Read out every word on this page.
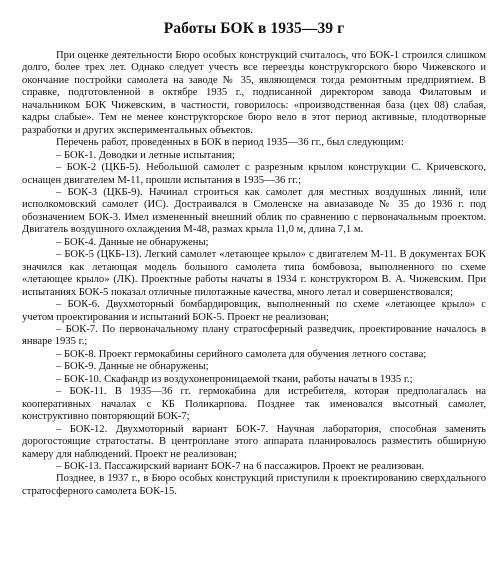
Работы БОК в 1935—39 г

При оценке деятельности Бюро особых конструкций считалось, что БОК-1 строился слишком долго, более трех лет. Однако следует учесть все переезды конструкгорского бюро Чижевского и окончание постройки самолета на заводе № 35, являющемся тогда ремонтным предприятием. В справке, подготовленной в октябре 1935 г., подписанной директором завода Филатовым и начальником БОК Чижевским, в частности, говорилось: «производственная база (цех 08) слабая, кадры слабые». Тем не менее конструкторское бюро вело в этот период активные, плодотворные разработки и других экспериментальных объектов.

Перечень работ, проведенных в БОК в период 1935—36 гг., был следующим:

– БОК-1. Доводки и летные испытания;

– БОК-2 (ЦКБ-5). Небольшой самолет с разрезным крылом конструкции С. Кричевского, оснащен двигателем М-11, прошли испытания в 1935—36 гг.;

– БОК-3 (ЦКБ-9). Начинал строиться как самолет для местных воздушных линий, или исполкомовский самолет (ИС). Достраивался в Смоленске на авиазаводе № 35 до 1936 г. под обозначением БОК-3. Имел измененный внешний облик по сравнению с первоначальным проектом. Двигатель воздушного охлаждения М-48, размах крыла 11,0 м, длина 7,1 м.

– БОК-4. Данные не обнаружены;

– БОК-5 (ЦКБ-13). Легкий самолет «летающее крыло» с двигателем М-11. В документах БОК значился как летающая модель большого самолета типа бомбовоза, выполненного по схеме «летающее крыло» (ЛК). Проектные работы начаты в 1934 г. конструктором В. А. Чижевским. При испытаниях БОК-5 показал отличные пилотажные качества, много летал и совершенствовался;

– БОК-6. Двухмоторный бомбардировщик, выполненный по схеме «летающее крыло» с учетом проектирования и испытаний БОК-5. Проект не реализован;

– БОК-7. По первоначальному плану стратосферный разведчик, проектирование началось в январе 1935 г.;

– БОК-8. Проект гермокабины серийного самолета для обучения летного состава;

– БОК-9. Данные не обнаружены;

– БОК-10. Скафандр из воздухонепроницаемой ткани, работы начаты в 1935 г.;

– БОК-11. В 1935—36 гг. гермокабина для истребителя, которая предполагалась на кооперативных началах с КБ Поликарпова. Позднее так именовался высотный самолет, конструктивно повторяющий БОК-7;

– БОК-12. Двухмоторный вариант БОК-7. Научная лаборатория, способная заменить дорогостоящие стратостаты. В центроплане этого аппарата планировалось разместить обширную камеру для наблюдений. Проект не реализован;

– БОК-13. Пассажирский вариант БОК-7 на 6 пассажиров. Проект не реализован.

Позднее, в 1937 г., в Бюро особых конструкций приступили к проектированию сверхдального стратосферного самолета БОК-15.
